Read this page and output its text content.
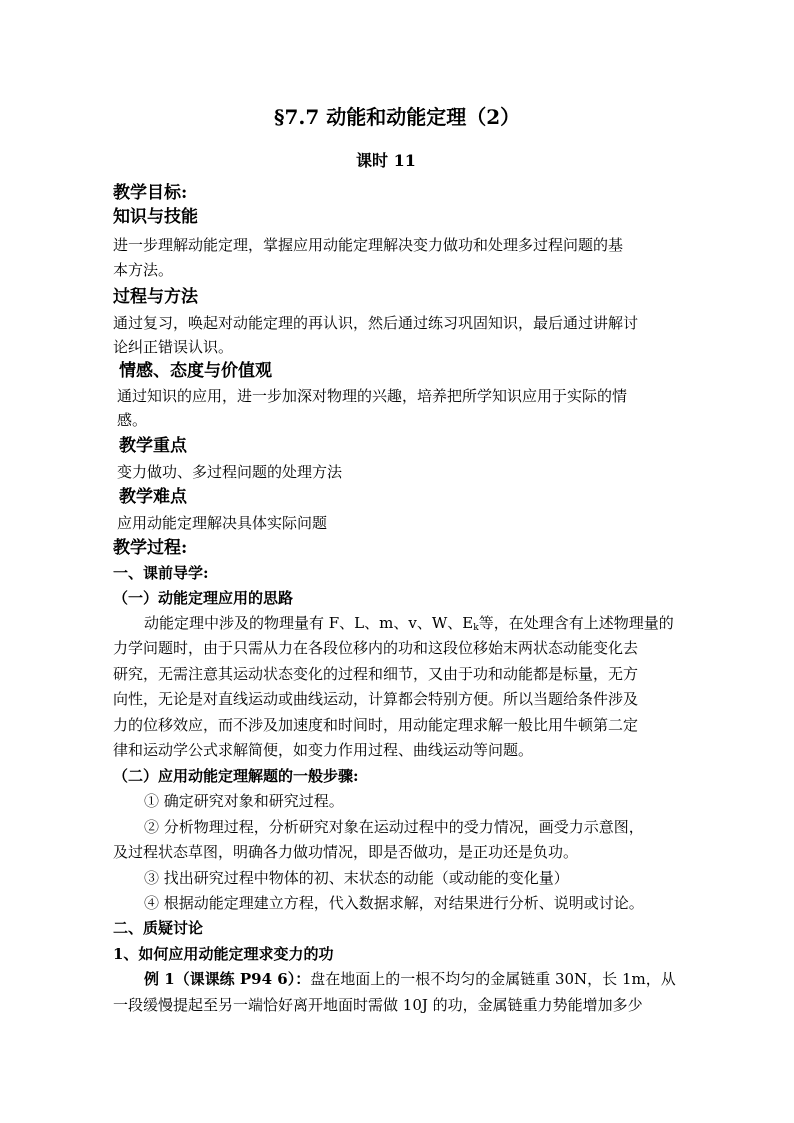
§7.7 动能和动能定理（2）
课时 11
教学目标:
知识与技能
进一步理解动能定理，掌握应用动能定理解决变力做功和处理多过程问题的基
本方法。
过程与方法
通过复习，唤起对动能定理的再认识，然后通过练习巩固知识，最后通过讲解讨
论纠正错误认识。
情感、态度与价值观
通过知识的应用，进一步加深对物理的兴趣，培养把所学知识应用于实际的情
感。
教学重点
变力做功、多过程问题的处理方法
教学难点
应用动能定理解决具体实际问题
教学过程:
一、课前导学:
（一）动能定理应用的思路
动能定理中涉及的物理量有 F、L、m、v、W、$E_k$等，在处理含有上述物理量的
力学问题时，由于只需从力在各段位移内的功和这段位移始末两状态动能变化去
研究，无需注意其运动状态变化的过程和细节，又由于功和动能都是标量，无方
向性，无论是对直线运动或曲线运动，计算都会特别方便。所以当题给条件涉及
力的位移效应，而不涉及加速度和时间时，用动能定理求解一般比用牛顿第二定
律和运动学公式求解简便，如变力作用过程、曲线运动等问题。
（二）应用动能定理解题的一般步骤:
① 确定研究对象和研究过程。
② 分析物理过程，分析研究对象在运动过程中的受力情况，画受力示意图，
及过程状态草图，明确各力做功情况，即是否做功，是正功还是负功。
③ 找出研究过程中物体的初、末状态的动能（或动能的变化量）
④ 根据动能定理建立方程，代入数据求解，对结果进行分析、说明或讨论。
二、质疑讨论
1、如何应用动能定理求变力的功
例 1（课课练 P94 6）：盘在地面上的一根不均匀的金属链重 30N，长 1m，从
一段缓慢提起至另一端恰好离开地面时需做 10J 的功，金属链重力势能增加多少
